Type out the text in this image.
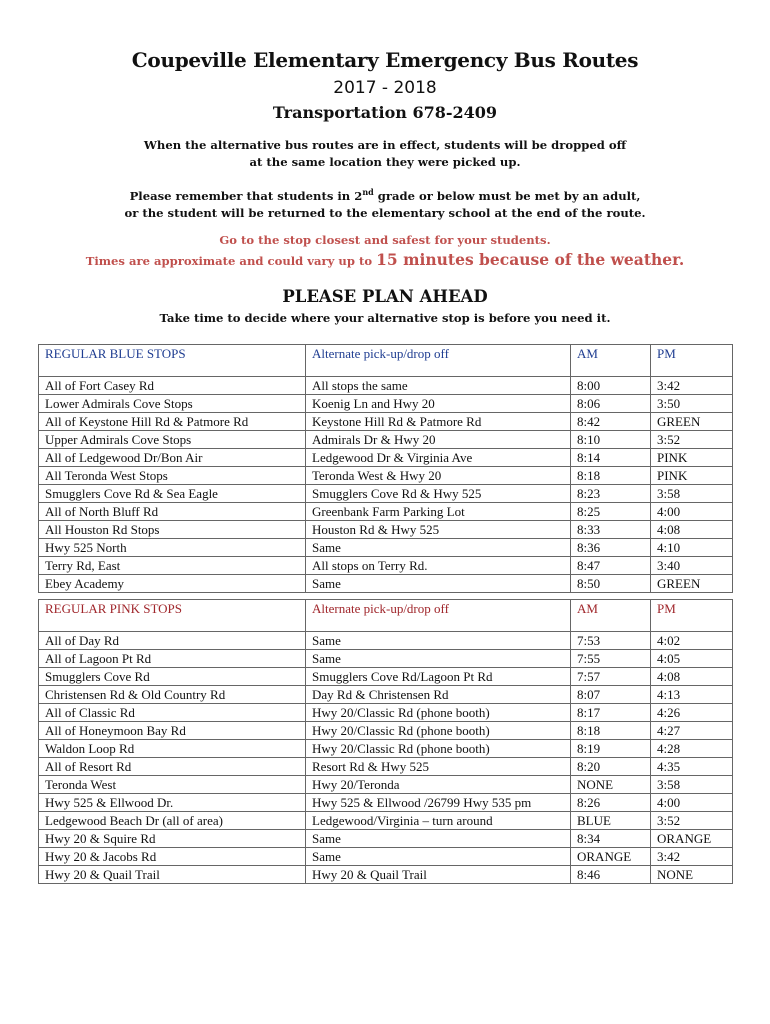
Coupeville Elementary Emergency Bus Routes
2017 - 2018
Transportation 678-2409
When the alternative bus routes are in effect, students will be dropped off
at the same location they were picked up.
Please remember that students in 2nd grade or below must be met by an adult,
or the student will be returned to the elementary school at the end of the route.
Go to the stop closest and safest for your students.
Times are approximate and could vary up to 15 minutes because of the weather.
PLEASE PLAN AHEAD
Take time to decide where your alternative stop is before you need it.
REGULAR BLUE STOPS	Alternate pick-up/drop off	AM	PM
All of Fort Casey Rd	All stops the same	8:00	3:42
Lower Admirals Cove Stops	Koenig Ln and Hwy 20	8:06	3:50
All of Keystone Hill Rd & Patmore Rd	Keystone Hill Rd & Patmore Rd	8:42	GREEN
Upper Admirals Cove Stops	Admirals Dr & Hwy 20	8:10	3:52
All of Ledgewood Dr/Bon Air	Ledgewood Dr & Virginia Ave	8:14	PINK
All Teronda West Stops	Teronda West & Hwy 20	8:18	PINK
Smugglers Cove Rd & Sea Eagle	Smugglers Cove Rd & Hwy 525	8:23	3:58
All of North Bluff Rd	Greenbank Farm Parking Lot	8:25	4:00
All Houston Rd Stops	Houston Rd & Hwy 525	8:33	4:08
Hwy 525 North	Same	8:36	4:10
Terry Rd, East	All stops on Terry Rd.	8:47	3:40
Ebey Academy	Same	8:50	GREEN
REGULAR PINK STOPS	Alternate pick-up/drop off	AM	PM
All of Day Rd	Same	7:53	4:02
All of Lagoon Pt Rd	Same	7:55	4:05
Smugglers Cove Rd	Smugglers Cove Rd/Lagoon Pt Rd	7:57	4:08
Christensen Rd & Old Country Rd	Day Rd & Christensen Rd	8:07	4:13
All of Classic Rd	Hwy 20/Classic Rd (phone booth)	8:17	4:26
All of Honeymoon Bay Rd	Hwy 20/Classic Rd (phone booth)	8:18	4:27
Waldon Loop Rd	Hwy 20/Classic Rd (phone booth)	8:19	4:28
All of Resort Rd	Resort Rd & Hwy 525	8:20	4:35
Teronda West	Hwy 20/Teronda	NONE	3:58
Hwy 525 & Ellwood Dr.	Hwy 525 & Ellwood /26799 Hwy 535 pm	8:26	4:00
Ledgewood Beach Dr (all of area)	Ledgewood/Virginia – turn around	BLUE	3:52
Hwy 20 & Squire Rd	Same	8:34	ORANGE
Hwy 20 & Jacobs Rd	Same	ORANGE	3:42
Hwy 20 & Quail Trail	Hwy 20 & Quail Trail	8:46	NONE
